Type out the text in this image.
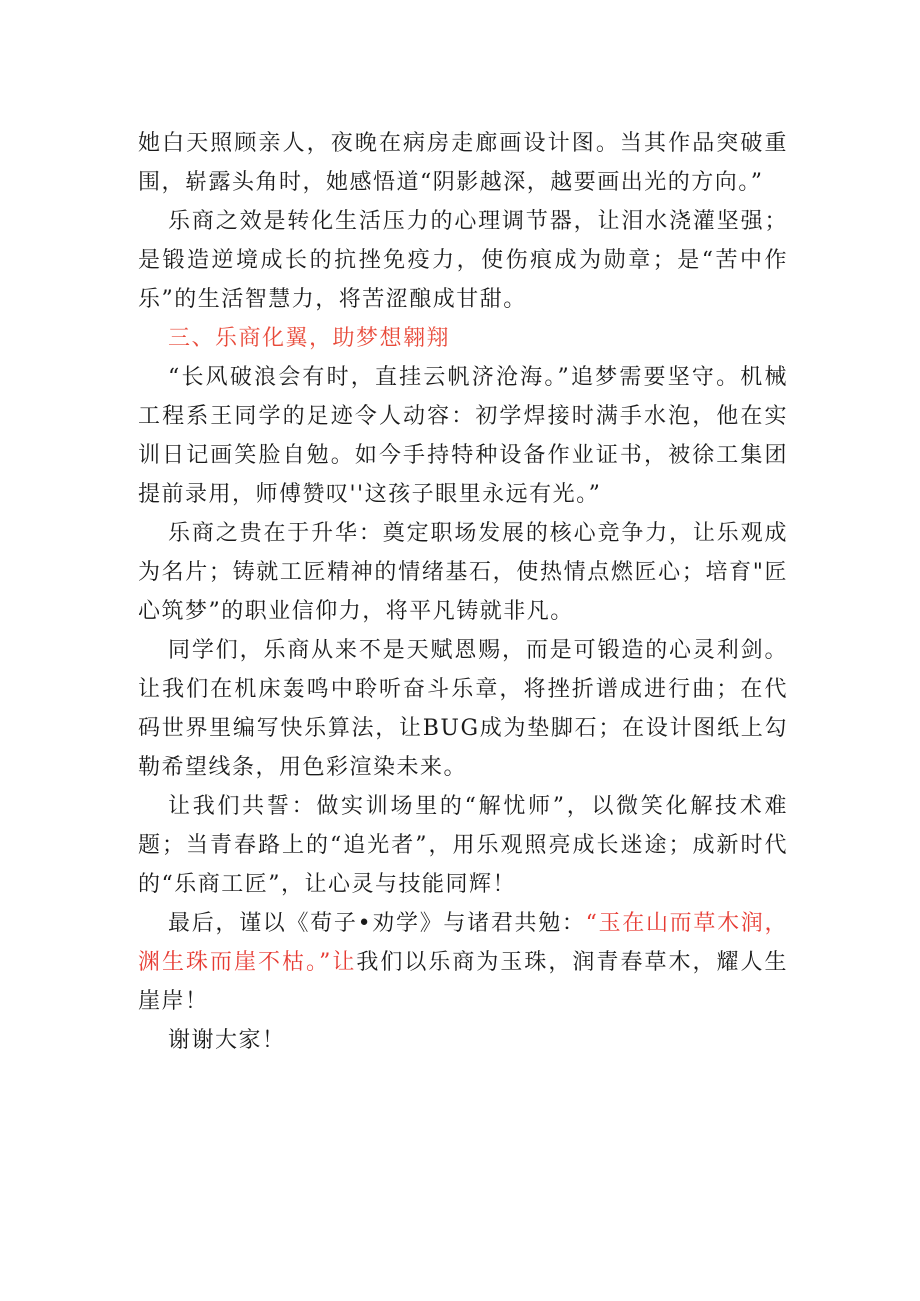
她白天照顾亲人，夜晚在病房走廊画设计图。当其作品突破重围，崭露头角时，她感悟道“阴影越深，越要画出光的方向。”

乐商之效是转化生活压力的心理调节器，让泪水浇灌坚强；是锻造逆境成长的抗挫免疫力，使伤痕成为勋章；是“苦中作乐”的生活智慧力，将苦涩酿成甘甜。

三、乐商化翼，助梦想翱翔

“长风破浪会有时，直挂云帆济沧海。”追梦需要坚守。机械工程系王同学的足迹令人动容：初学焊接时满手水泡，他在实训日记画笑脸自勉。如今手持特种设备作业证书，被徐工集团提前录用，师傅赞叹''这孩子眼里永远有光。”

乐商之贵在于升华：奠定职场发展的核心竞争力，让乐观成为名片；铸就工匠精神的情绪基石，使热情点燃匠心；培育"匠心筑梦”的职业信仰力，将平凡铸就非凡。

同学们，乐商从来不是天赋恩赐，而是可锻造的心灵利剑。让我们在机床轰鸣中聆听奋斗乐章，将挫折谱成进行曲；在代码世界里编写快乐算法，让BUG成为垫脚石；在设计图纸上勾勒希望线条，用色彩渲染未来。

让我们共誓：做实训场里的“解忧师”，以微笑化解技术难题；当青春路上的“追光者”，用乐观照亮成长迷途；成新时代的“乐商工匠”，让心灵与技能同辉！

最后，谨以《荀子•劝学》与诸君共勉：“玉在山而草木润，渊生珠而崖不枯。”让我们以乐商为玉珠，润青春草木，耀人生崖岸！

谢谢大家！
